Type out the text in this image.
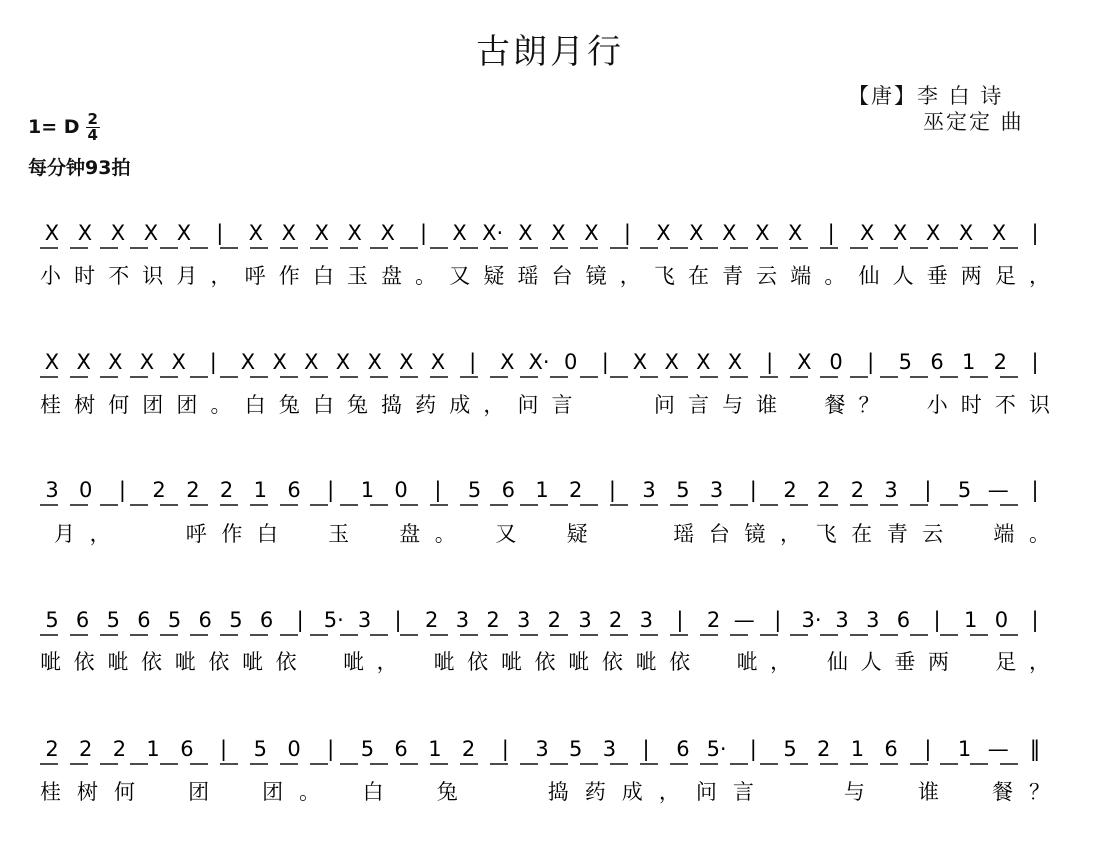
古朗月行
【唐】李 白 诗
巫定定 曲
1= D $\frac{2}{4}$
每分钟93拍
X X X X X | X X X X X | X X· X X X | X X X X X | X X X X X |
小时不识月，呼作白玉盘。又疑瑶台镜，飞在青云端。仙人垂两足，
X X X X X | X X X X X X X | X X· 0 | X X X X | X 0 | 5 6 1 2 |
桂树何团团。白兔白兔捣药成，问言　　问言与谁　餐？　小时不识
3 0 | 2 2 2 1 6 | 1 0 | 5 6 1 2 | 3 5 3 | 2 2 2 3 | 5 — |
月，　　呼作白　玉　盘。　又　疑　　瑶台镜，飞在青云　端。
5 6 5 6 5 6 5 6 | 5· 3 | 2 3 2 3 2 3 2 3 | 2 — | 3· 3 3 6 | 1 0 |
呲依呲依呲依呲依　呲，　呲依呲依呲依呲依　呲，　仙人垂两　足，
2 2 2 1 6 | 5 0 | 5 6 1 2 | 3 5 3 | 6 5· | 5 2 1 6 | 1 — ‖
桂树何　团　团。　白　兔　　捣药成，问言　　与　谁　餐？
